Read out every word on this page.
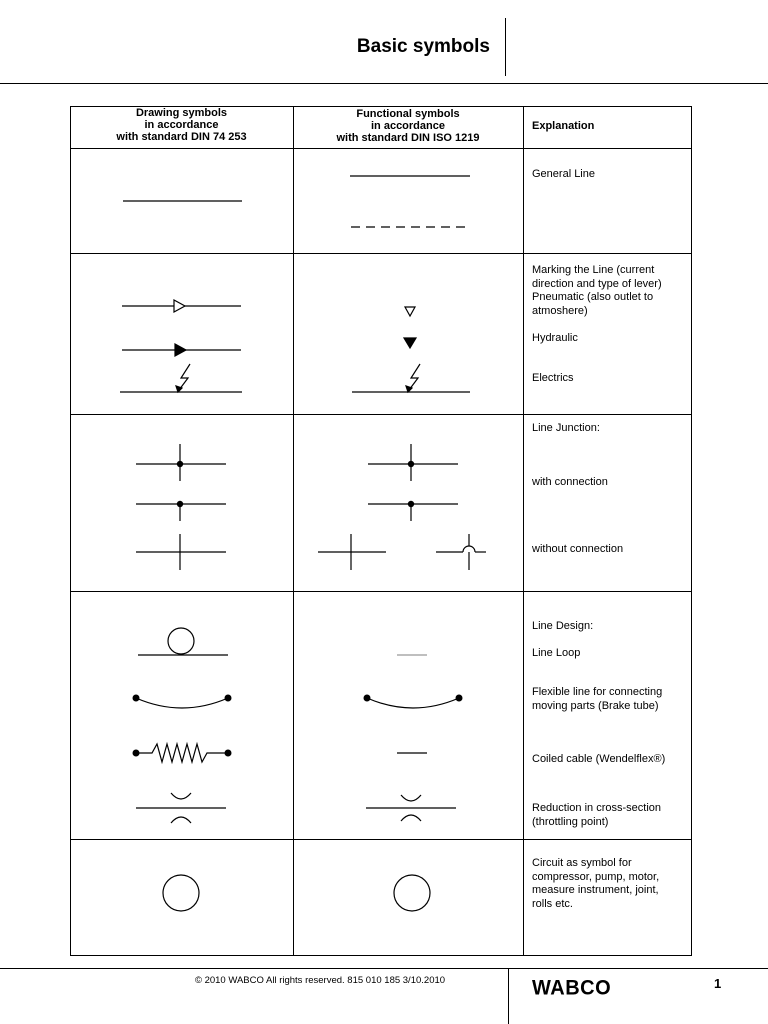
Basic symbols
Drawing symbols
in accordance
with standard DIN 74 253
Functional symbols
in accordance
with standard DIN ISO 1219
Explanation
General Line
Marking the Line (current direction and type of lever) Pneumatic (also outlet to atmoshere)
Hydraulic
Electrics
Line Junction:
with connection
without connection
Line Design:
Line Loop
Flexible line for connecting moving parts (Brake tube)
Coiled cable (Wendelflex®)
Reduction in cross-section (throttling point)
Circuit as symbol for compressor, pump, motor, measure instrument, joint, rolls etc.
© 2010 WABCO All rights reserved. 815 010 185 3/10.2010	WABCO	1
